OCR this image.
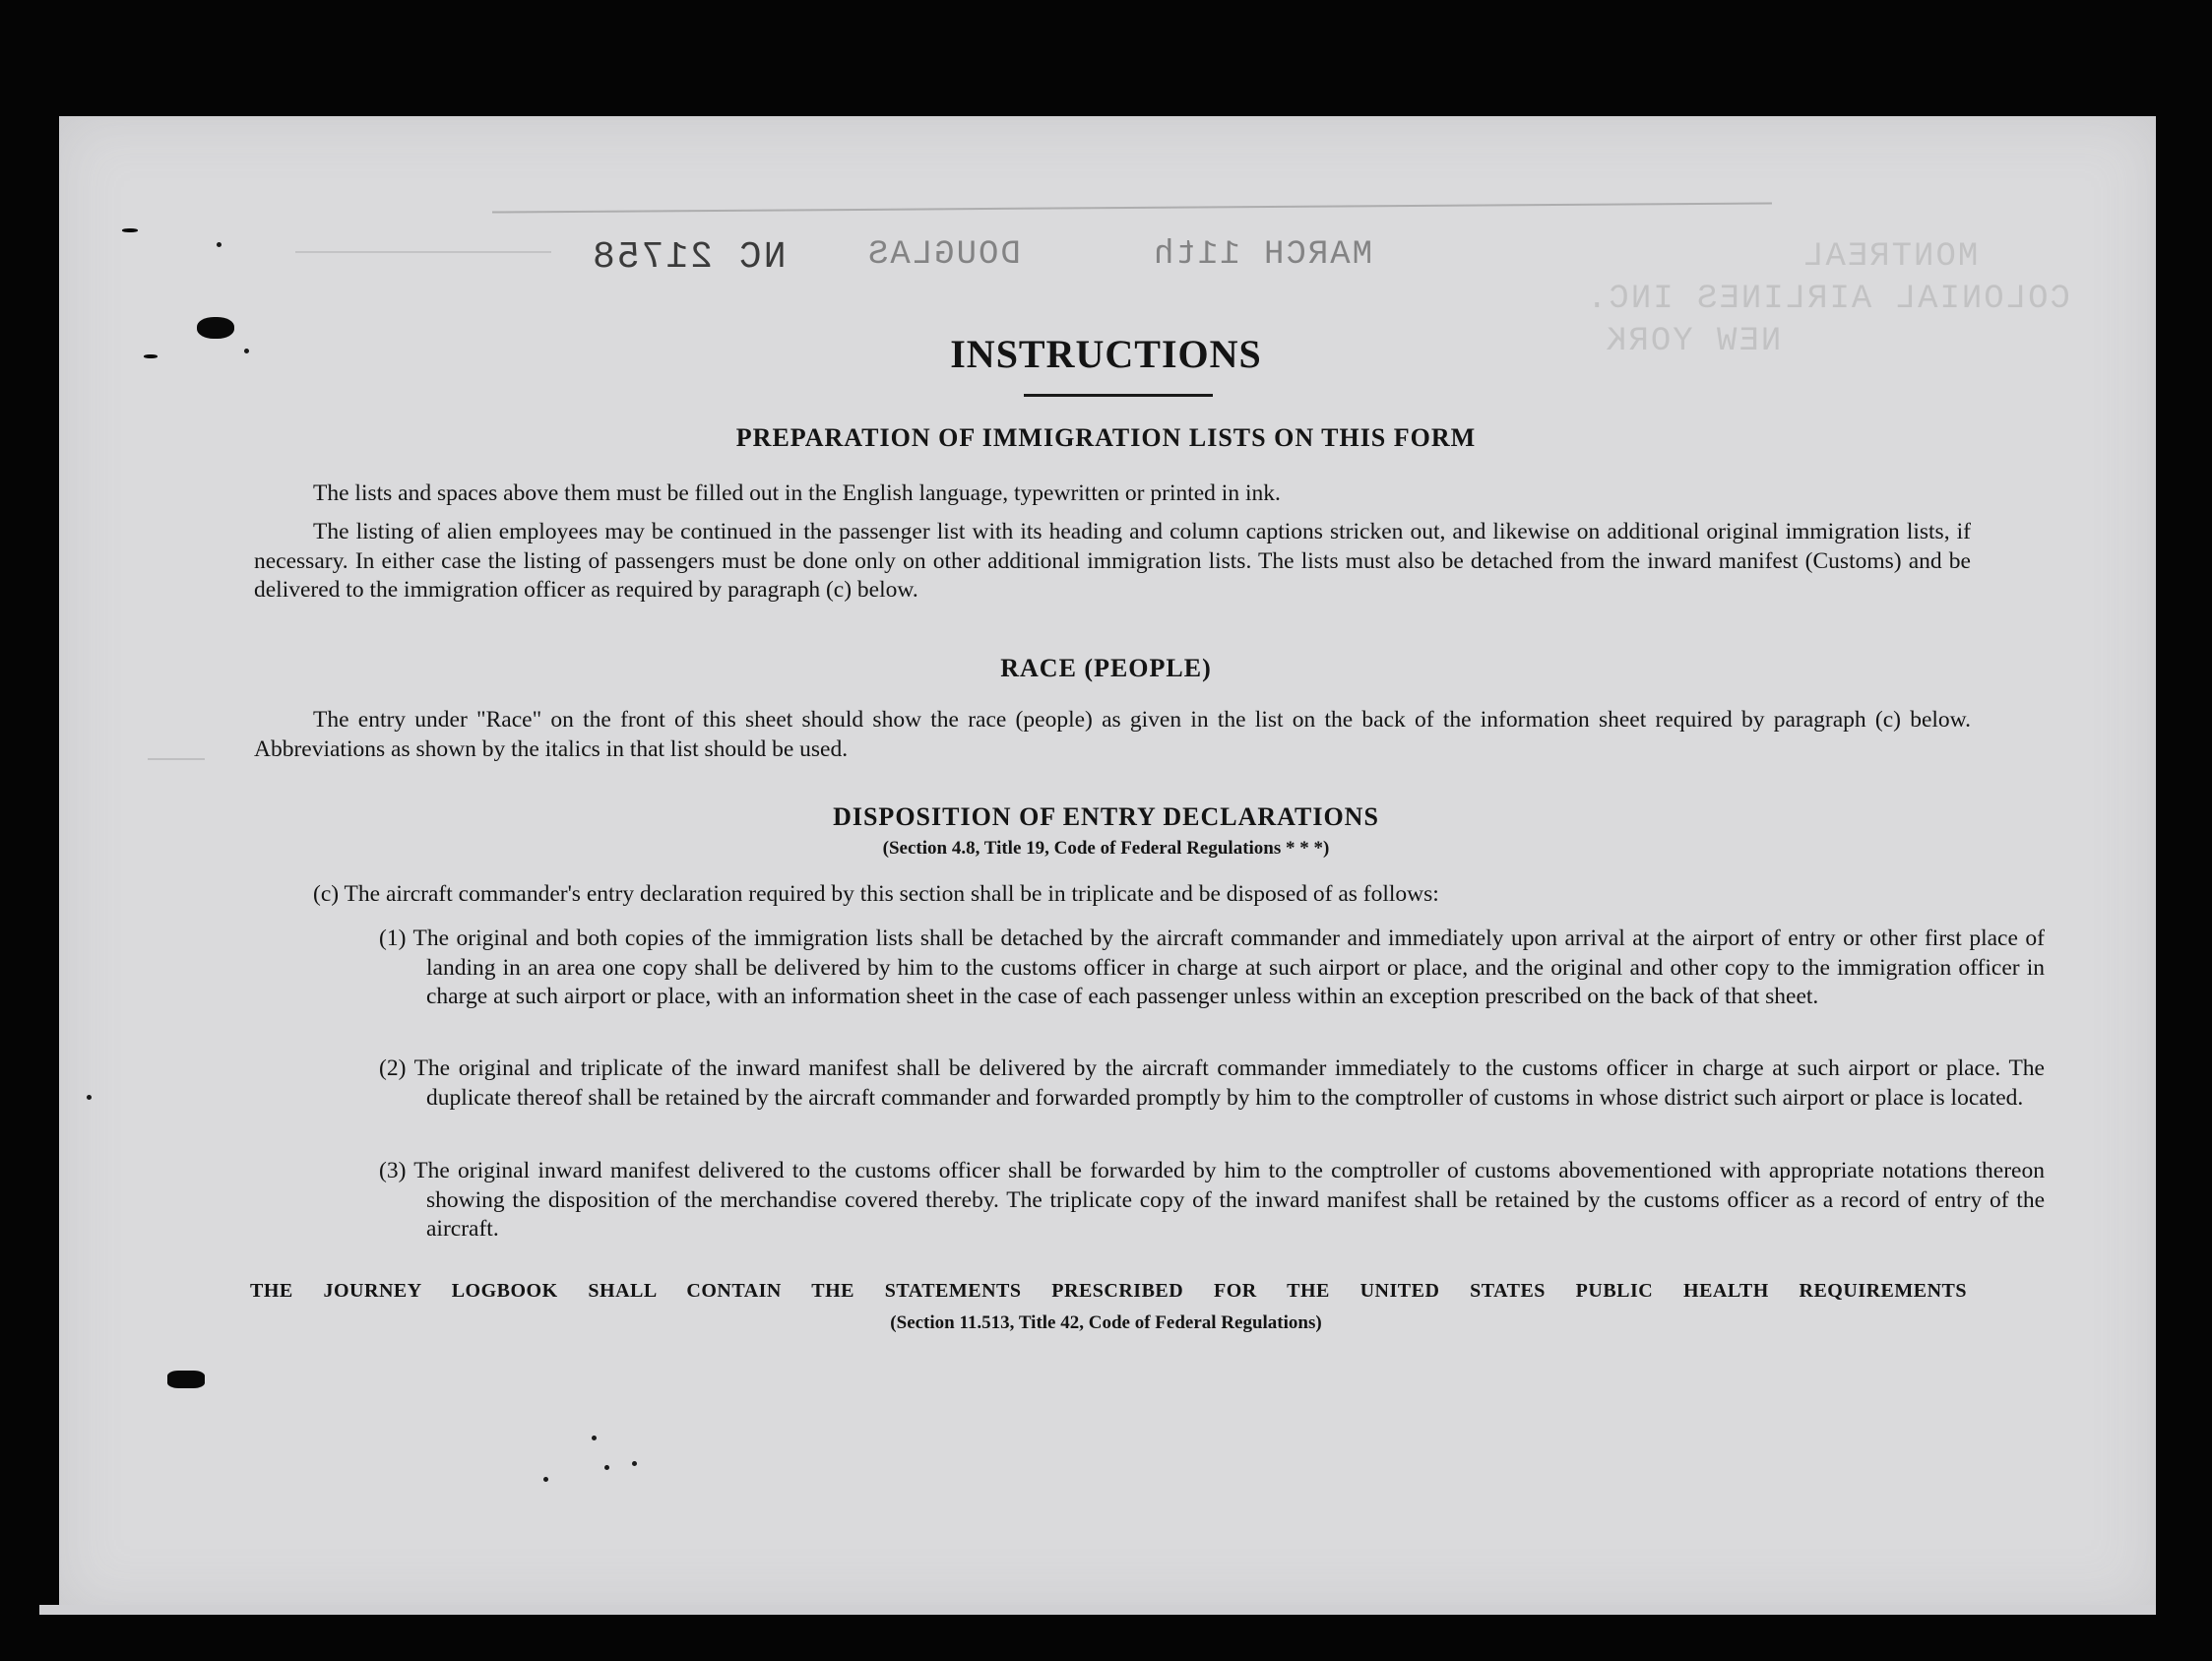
NC 21758 DOUGLAS	MARCH 11th	MONTREAL
COLONIAL AIRLINES INC.
NEW YORK
INSTRUCTIONS
PREPARATION OF IMMIGRATION LISTS ON THIS FORM

The lists and spaces above them must be filled out in the English language, typewritten or printed in ink.

The listing of alien employees may be continued in the passenger list with its heading and column captions stricken out, and likewise on additional original immigration lists, if necessary. In either case the listing of passengers must be done only on other additional immigration lists. The lists must also be detached from the inward manifest (Customs) and be delivered to the immigration officer as required by paragraph (c) below.

RACE (PEOPLE)

The entry under "Race" on the front of this sheet should show the race (people) as given in the list on the back of the information sheet required by paragraph (c) below. Abbreviations as shown by the italics in that list should be used.

DISPOSITION OF ENTRY DECLARATIONS
(Section 4.8, Title 19, Code of Federal Regulations * * *)
(c) The aircraft commander's entry declaration required by this section shall be in triplicate and be disposed of as follows:

(1) The original and both copies of the immigration lists shall be detached by the aircraft commander and immediately upon arrival at the airport of entry or other first place of landing in an area one copy shall be delivered by him to the customs officer in charge at such airport or place, and the original and other copy to the immigration officer in charge at such airport or place, with an information sheet in the case of each passenger unless within an exception prescribed on the back of that sheet.

(2) The original and triplicate of the inward manifest shall be delivered by the aircraft commander immediately to the customs officer in charge at such airport or place. The duplicate thereof shall be retained by the aircraft commander and forwarded promptly by him to the comptroller of customs in whose district such airport or place is located.

(3) The original inward manifest delivered to the customs officer shall be forwarded by him to the comptroller of customs abovementioned with appropriate notations thereon showing the disposition of the merchandise covered thereby. The triplicate copy of the inward manifest shall be retained by the customs officer as a record of entry of the aircraft.

THE JOURNEY LOGBOOK SHALL CONTAIN THE STATEMENTS PRESCRIBED FOR THE UNITED STATES PUBLIC HEALTH REQUIREMENTS
(Section 11.513, Title 42, Code of Federal Regulations)
